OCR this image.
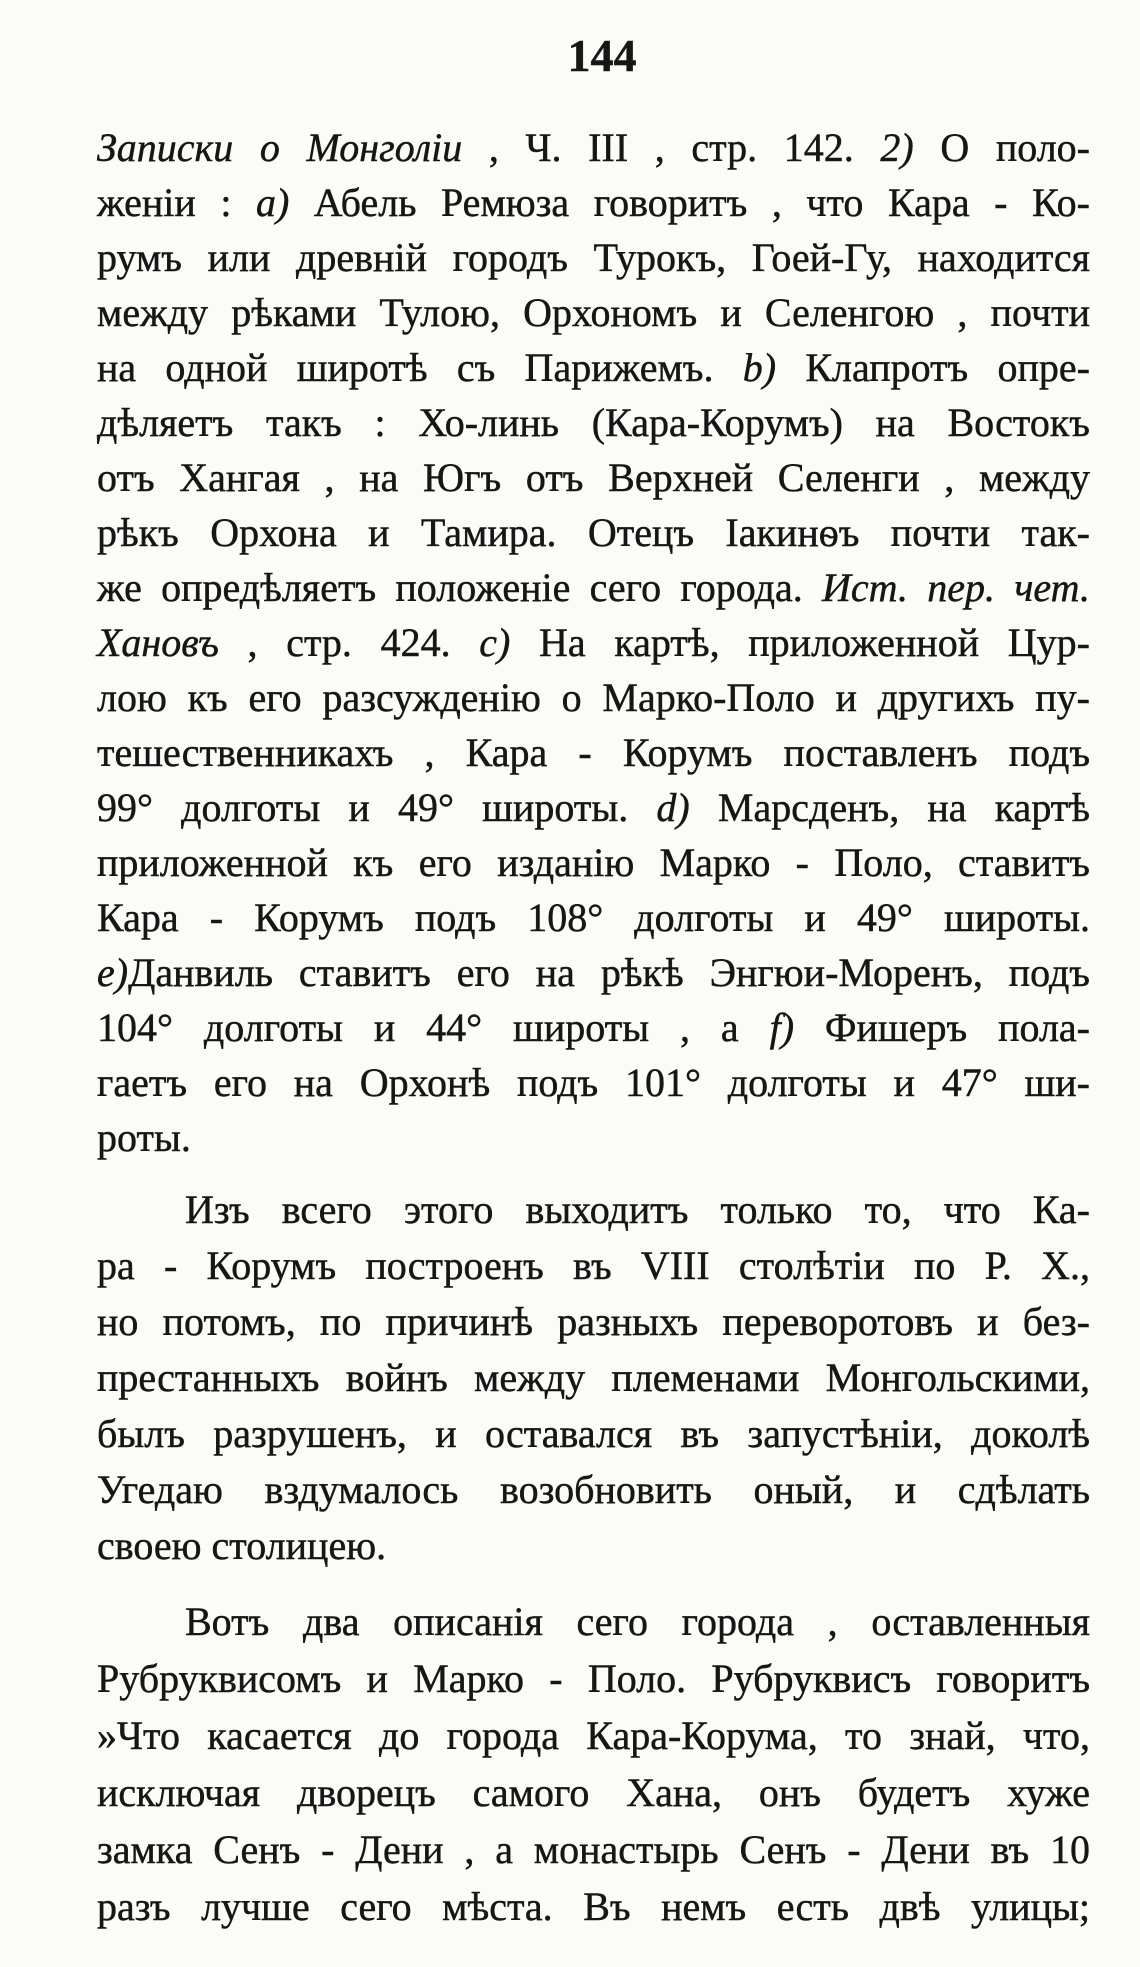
144
Записки о Монголіи , Ч. III , стр. 142. 2) О поло-
женіи : a) Абель Ремюза говоритъ , что Кара - Ко-
румъ или древній городъ Турокъ, Гоей-Гу, находится
между рѣками Тулою, Орхономъ и Селенгою , почти
на одной широтѣ съ Парижемъ. b) Клапротъ опре-
дѣляетъ такъ : Хо-линь (Кара-Корумъ) на Востокъ
отъ Хангая , на Югъ отъ Верхней Селенги , между
рѣкъ Орхона и Тамира. Отецъ Іакинѳъ почти так-
же опредѣляетъ положеніе сего города. Ист. пер. чет.
Хановъ , стр. 424. c) На картѣ, приложенной Цур-
лою къ его разсужденію о Марко-Поло и другихъ пу-
тешественникахъ , Кара - Корумъ поставленъ подъ
99° долготы и 49° широты. d) Марсденъ, на картѣ
приложенной къ его изданію Марко - Поло, ставитъ
Кара - Корумъ подъ 108° долготы и 49° широты.
e)Данвиль ставитъ его на рѣкѣ Энгюи-Моренъ, подъ
104° долготы и 44° широты , а f) Фишеръ пола-
гаетъ его на Орхонѣ подъ 101° долготы и 47° ши-
роты.
Изъ всего этого выходитъ только то, что Ка-
ра - Корумъ построенъ въ VIII столѣтіи по Р. Х.,
но потомъ, по причинѣ разныхъ переворотовъ и без-
престанныхъ войнъ между племенами Монгольскими,
былъ разрушенъ, и оставался въ запустѣніи, доколѣ
Угедаю вздумалось возобновить оный, и сдѣлать
своею столицею.
Вотъ два описанія сего города , оставленныя
Рубруквисомъ и Марко - Поло. Рубруквисъ говоритъ
»Что касается до города Кара-Корума, то знай, что,
исключая дворецъ самого Хана, онъ будетъ хуже
замка Сенъ - Дени , а монастырь Сенъ - Дени въ 10
разъ лучше сего мѣста. Въ немъ есть двѣ улицы;
